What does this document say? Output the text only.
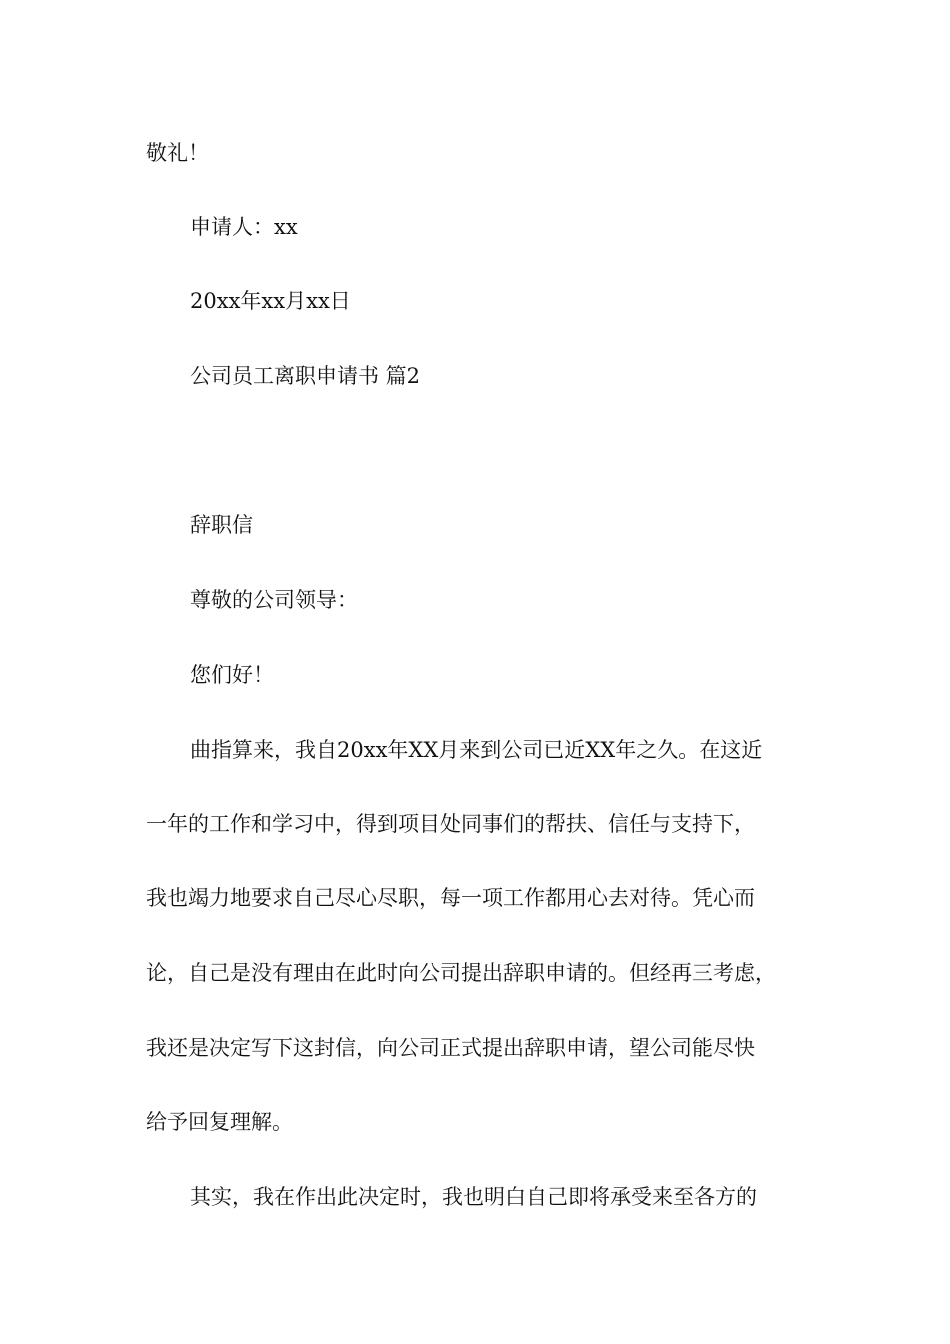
敬礼！
申请人：xx
20xx年xx月xx日
公司员工离职申请书 篇2
辞职信
尊敬的公司领导：
您们好！
曲指算来，我自20xx年XX月来到公司已近XX年之久。在这近
一年的工作和学习中，得到项目处同事们的帮扶、信任与支持下，
我也竭力地要求自己尽心尽职，每一项工作都用心去对待。凭心而
论，自己是没有理由在此时向公司提出辞职申请的。但经再三考虑，
我还是决定写下这封信，向公司正式提出辞职申请，望公司能尽快
给予回复理解。
其实，我在作出此决定时，我也明白自己即将承受来至各方的
